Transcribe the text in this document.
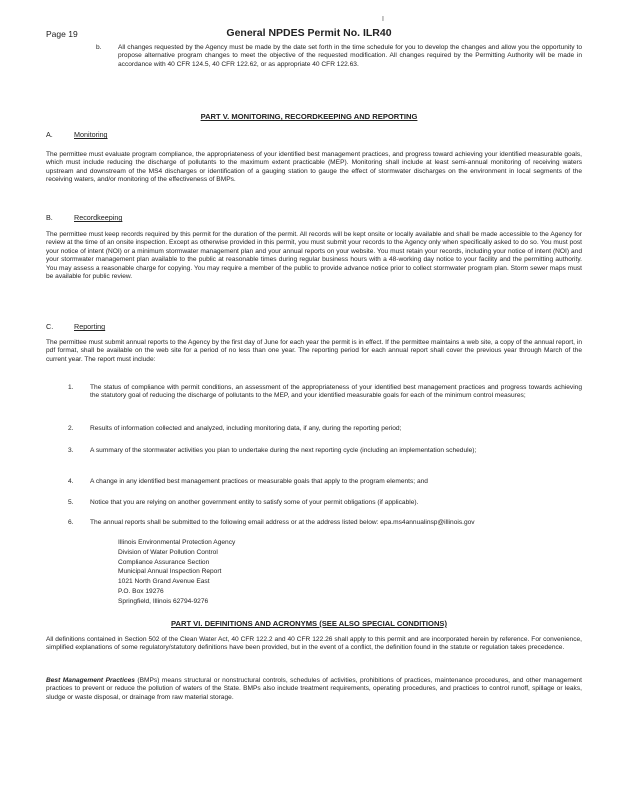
Page 19	General NPDES Permit No. ILR40
I
b.	All changes requested by the Agency must be made by the date set forth in the time schedule for you to develop the changes and allow you the opportunity to propose alternative program changes to meet the objective of the requested modification. All changes required by the Permitting Authority will be made in accordance with 40 CFR 124.5, 40 CFR 122.62, or as appropriate 40 CFR 122.63.
PART V. MONITORING, RECORDKEEPING AND REPORTING
A.	Monitoring
The permittee must evaluate program compliance, the appropriateness of your identified best management practices, and progress toward achieving your identified measurable goals, which must include reducing the discharge of pollutants to the maximum extent practicable (MEP). Monitoring shall include at least semi-annual monitoring of receiving waters upstream and downstream of the MS4 discharges or identification of a gauging station to gauge the effect of stormwater discharges on the environment in local segments of the receiving waters, and/or monitoring of the effectiveness of BMPs.
B.	Recordkeeping
The permittee must keep records required by this permit for the duration of the permit. All records will be kept onsite or locally available and shall be made accessible to the Agency for review at the time of an onsite inspection. Except as otherwise provided in this permit, you must submit your records to the Agency only when specifically asked to do so. You must post your notice of intent (NOI) or a minimum stormwater management plan and your annual reports on your website. You must retain your records, including your notice of intent (NOI) and your stormwater management plan available to the public at reasonable times during regular business hours with a 48-working day notice to your facility and the permitting authority. You may assess a reasonable charge for copying. You may require a member of the public to provide advance notice prior to collect stormwater program plan. Storm sewer maps must be available for public review.
C.	Reporting
The permittee must submit annual reports to the Agency by the first day of June for each year the permit is in effect. If the permittee maintains a web site, a copy of the annual report, in pdf format, shall be available on the web site for a period of no less than one year. The reporting period for each annual report shall cover the previous year through March of the current year. The report must include:
1.	The status of compliance with permit conditions, an assessment of the appropriateness of your identified best management practices and progress towards achieving the statutory goal of reducing the discharge of pollutants to the MEP, and your identified measurable goals for each of the minimum control measures;
2.	Results of information collected and analyzed, including monitoring data, if any, during the reporting period;
3.	A summary of the stormwater activities you plan to undertake during the next reporting cycle (including an implementation schedule);
4.	A change in any identified best management practices or measurable goals that apply to the program elements; and
5.	Notice that you are relying on another government entity to satisfy some of your permit obligations (if applicable).
6.	The annual reports shall be submitted to the following email address or at the address listed below: epa.ms4annualinsp@illinois.gov
Illinois Environmental Protection Agency
Division of Water Pollution Control
Compliance Assurance Section
Municipal Annual Inspection Report
1021 North Grand Avenue East
P.O. Box 19276
Springfield, Illinois 62794-9276
PART VI. DEFINITIONS AND ACRONYMS (SEE ALSO SPECIAL CONDITIONS)
All definitions contained in Section 502 of the Clean Water Act, 40 CFR 122.2 and 40 CFR 122.26 shall apply to this permit and are incorporated herein by reference. For convenience, simplified explanations of some regulatory/statutory definitions have been provided, but in the event of a conflict, the definition found in the statute or regulation takes precedence.
Best Management Practices (BMPs) means structural or nonstructural controls, schedules of activities, prohibitions of practices, maintenance procedures, and other management practices to prevent or reduce the pollution of waters of the State. BMPs also include treatment requirements, operating procedures, and practices to control runoff, spillage or leaks, sludge or waste disposal, or drainage from raw material storage.
